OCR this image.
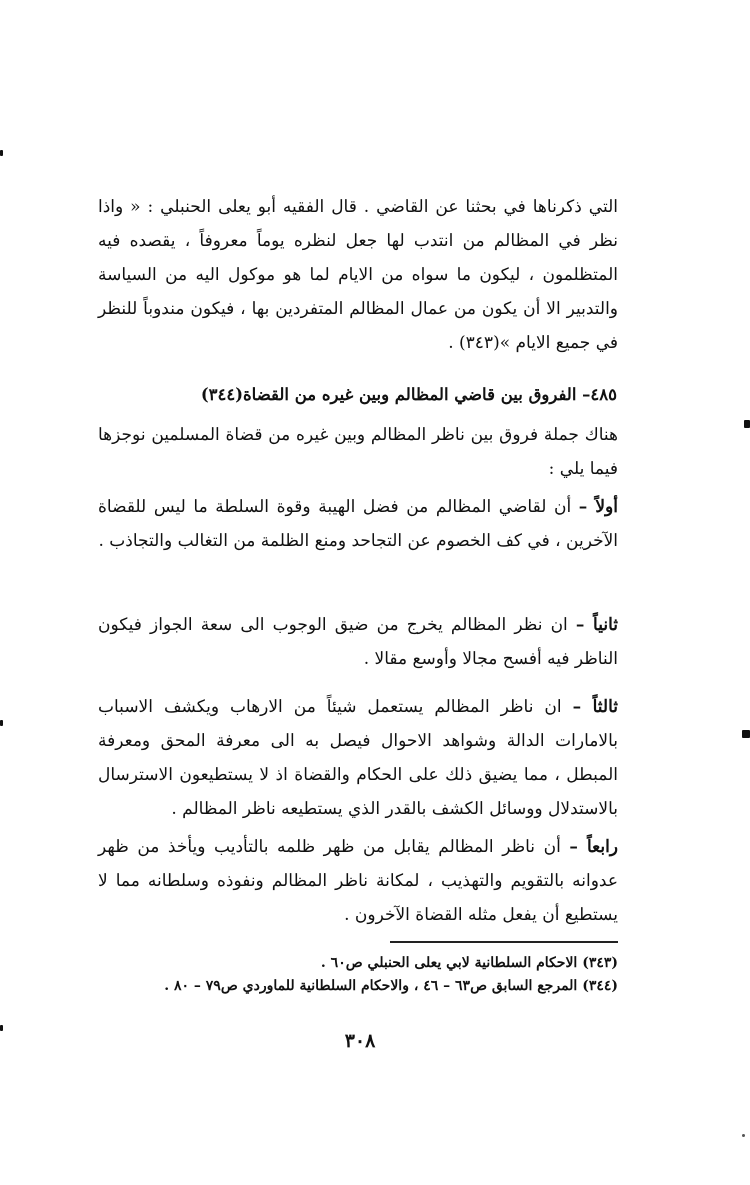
التي ذكرناها في بحثنا عن القاضي . قال الفقيه أبو يعلى الحنبلي : « واذا نظر في المظالم من انتدب لها جعل لنظره يوماً معروفاً ، يقصده فيه المتظلمون ، ليكون ما سواه من الايام لما هو موكول اليه من السياسة والتدبير الا أن يكون من عمال المظالم المتفردين بها ، فيكون مندوباً للنظر في جميع الايام »(٣٤٣) .

٤٨٥– الفروق بين قاضي المظالم وبين غيره من القضاة(٣٤٤)

هناك جملة فروق بين ناظر المظالم وبين غيره من قضاة المسلمين نوجزها فيما يلي :

أولاً – أن لقاضي المظالم من فضل الهيبة وقوة السلطة ما ليس للقضاة الآخرين ، في كف الخصوم عن التجاحد ومنع الظلمة من التغالب والتجاذب .

ثانياً – ان نظر المظالم يخرج من ضيق الوجوب الى سعة الجواز فيكون الناظر فيه أفسح مجالا وأوسع مقالا .

ثالثاً – ان ناظر المظالم يستعمل شيئاً من الارهاب ويكشف الاسباب بالامارات الدالة وشواهد الاحوال فيصل به الى معرفة المحق ومعرفة المبطل ، مما يضيق ذلك على الحكام والقضاة اذ لا يستطيعون الاسترسال بالاستدلال ووسائل الكشف بالقدر الذي يستطيعه ناظر المظالم .

رابعاً – أن ناظر المظالم يقابل من ظهر ظلمه بالتأديب ويأخذ من ظهر عدوانه بالتقويم والتهذيب ، لمكانة ناظر المظالم ونفوذه وسلطانه مما لا يستطيع أن يفعل مثله القضاة الآخرون .

(٣٤٣) الاحكام السلطانية لابي يعلى الحنبلي ص٦٠ .

(٣٤٤) المرجع السابق ص٦٣ – ٤٦ ، والاحكام السلطانية للماوردي ص٧٩ – ٨٠ .

٣٠٨
